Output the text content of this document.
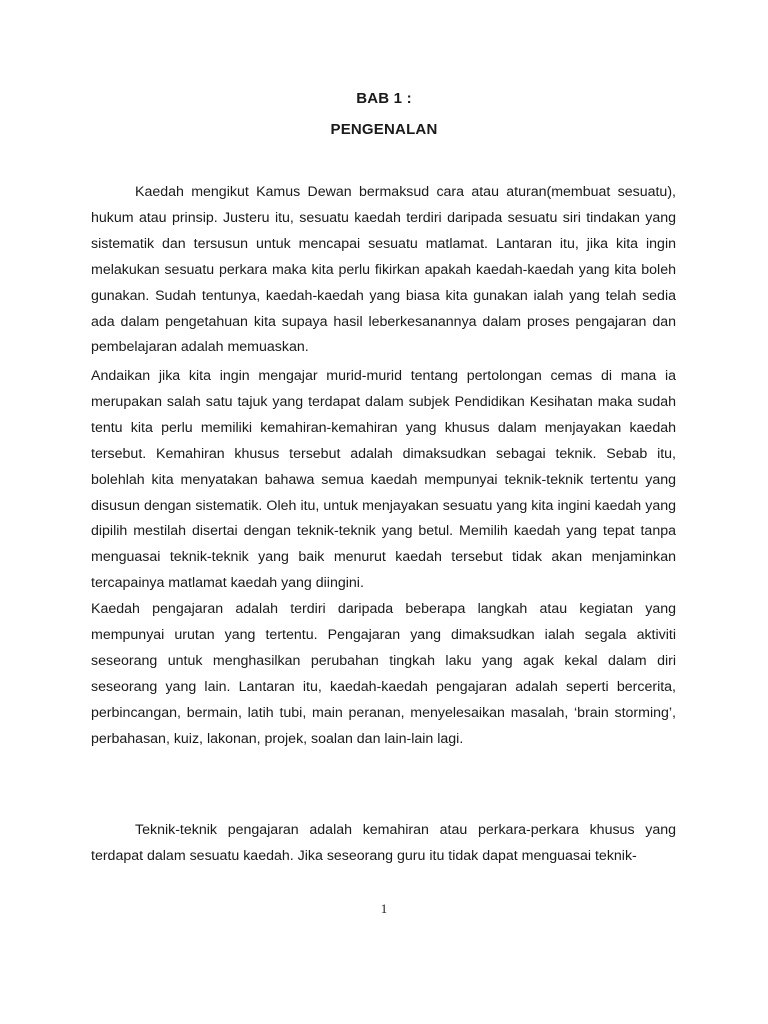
BAB 1 :
PENGENALAN

Kaedah mengikut Kamus Dewan bermaksud cara atau aturan(membuat sesuatu), hukum atau prinsip. Justeru itu, sesuatu kaedah terdiri daripada sesuatu siri tindakan yang sistematik dan tersusun untuk mencapai sesuatu matlamat. Lantaran itu, jika kita ingin melakukan sesuatu perkara maka kita perlu fikirkan apakah kaedah-kaedah yang kita boleh gunakan. Sudah tentunya, kaedah-kaedah yang biasa kita gunakan ialah yang telah sedia ada dalam pengetahuan kita supaya hasil leberkesanannya dalam proses pengajaran dan pembelajaran adalah memuaskan.

Andaikan jika kita ingin mengajar murid-murid tentang pertolongan cemas di mana ia merupakan salah satu tajuk yang terdapat dalam subjek Pendidikan Kesihatan maka sudah tentu kita perlu memiliki kemahiran-kemahiran yang khusus dalam menjayakan kaedah tersebut. Kemahiran khusus tersebut adalah dimaksudkan sebagai teknik. Sebab itu, bolehlah kita menyatakan bahawa semua kaedah mempunyai teknik-teknik tertentu yang disusun dengan sistematik. Oleh itu, untuk menjayakan sesuatu yang kita ingini kaedah yang dipilih mestilah disertai dengan teknik-teknik yang betul. Memilih kaedah yang tepat tanpa menguasai teknik-teknik yang baik menurut kaedah tersebut tidak akan menjaminkan tercapainya matlamat kaedah yang diingini.

Kaedah pengajaran adalah terdiri daripada beberapa langkah atau kegiatan yang mempunyai urutan yang tertentu. Pengajaran yang dimaksudkan ialah segala aktiviti seseorang untuk menghasilkan perubahan tingkah laku yang agak kekal dalam diri seseorang yang lain. Lantaran itu, kaedah-kaedah pengajaran adalah seperti bercerita, perbincangan, bermain, latih tubi, main peranan, menyelesaikan masalah, ‘brain storming’, perbahasan, kuiz, lakonan, projek, soalan dan lain-lain lagi.

Teknik-teknik pengajaran adalah kemahiran atau perkara-perkara khusus yang terdapat dalam sesuatu kaedah. Jika seseorang guru itu tidak dapat menguasai teknik-

1
